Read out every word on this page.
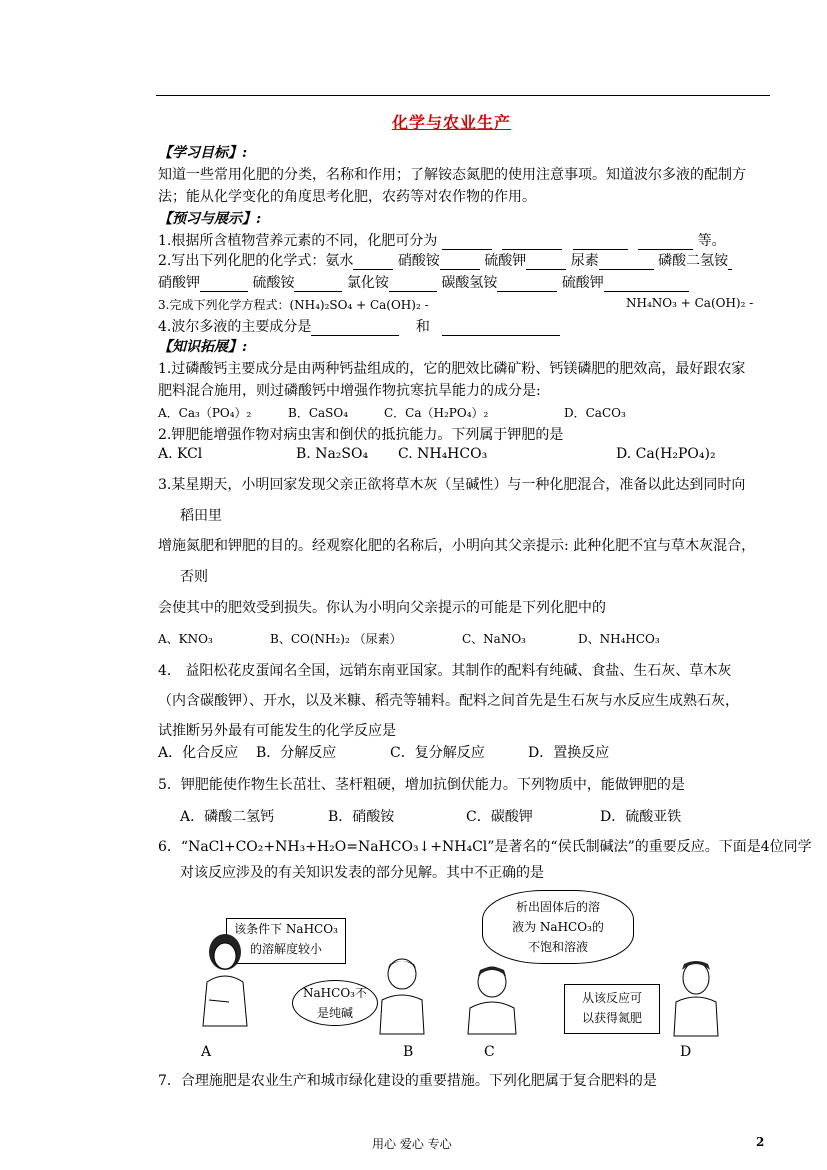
化学与农业生产
【学习目标】:
知道一些常用化肥的分类，名称和作用；了解铵态氮肥的使用注意事项。知道波尔多液的配制方
法；能从化学变化的角度思考化肥，农药等对农作物的作用。
【预习与展示】:
1.根据所含植物营养元素的不同，化肥可分为	等。
2.写出下列化肥的化学式：氨水	硝酸铵	硫酸钾	尿素	磷酸二氢铵
硝酸钾	硫酸铵	氯化铵	碳酸氢铵	硫酸钾
3.完成下列化学方程式：(NH₄)₂SO₄ + Ca(OH)₂ -	NH₄NO₃ + Ca(OH)₂ -
4.波尔多液的主要成分是	和
【知识拓展】:
1.过磷酸钙主要成分是由两种钙盐组成的，它的肥效比磷矿粉、钙镁磷肥的肥效高，最好跟农家
肥料混合施用，则过磷酸钙中增强作物抗寒抗旱能力的成分是:
A．Ca₃（PO₄）₂	B．CaSO₄	C．Ca（H₂PO₄）₂	D．CaCO₃
2.钾肥能增强作物对病虫害和倒伏的抵抗能力。下列属于钾肥的是
A. KCl	B. Na₂SO₄ C. NH₄HCO₃	D. Ca(H₂PO₄)₂
3.某星期天，小明回家发现父亲正欲将草木灰（呈碱性）与一种化肥混合，准备以此达到同时向
稻田里
增施氮肥和钾肥的目的。经观察化肥的名称后，小明向其父亲提示: 此种化肥不宜与草木灰混合，
否则
会使其中的肥效受到损失。你认为小明向父亲提示的可能是下列化肥中的
A、KNO₃	B、CO(NH₂)₂ （尿素）	C、NaNO₃	D、NH₄HCO₃
4． 益阳松花皮蛋闻名全国，远销东南亚国家。其制作的配料有纯碱、食盐、生石灰、草木灰
（内含碳酸钾）、开水，以及米糠、稻壳等辅料。配料之间首先是生石灰与水反应生成熟石灰，
试推断另外最有可能发生的化学反应是
A．化合反应 B．分解反应	C．复分解反应	D．置换反应
5．钾肥能使作物生长茁壮、茎杆粗硬，增加抗倒伏能力。下列物质中，能做钾肥的是
A．磷酸二氢钙	B．硝酸铵	C．碳酸钾	D．硫酸亚铁
6．“NaCl+CO₂+NH₃+H₂O=NaHCO₃↓+NH₄Cl”是著名的“侯氏制碱法”的重要反应。下面是4位同学
对该反应涉及的有关知识发表的部分见解。其中不正确的是
该条件下 NaHCO₃
的溶解度较小
A
NaHCO₃不
是纯碱
B
析出固体后的溶
液为 NaHCO₃的
不饱和溶液
C
从该反应可
以获得氮肥
D
7．合理施肥是农业生产和城市绿化建设的重要措施。下列化肥属于复合肥料的是
用心 爱心 专心	2
